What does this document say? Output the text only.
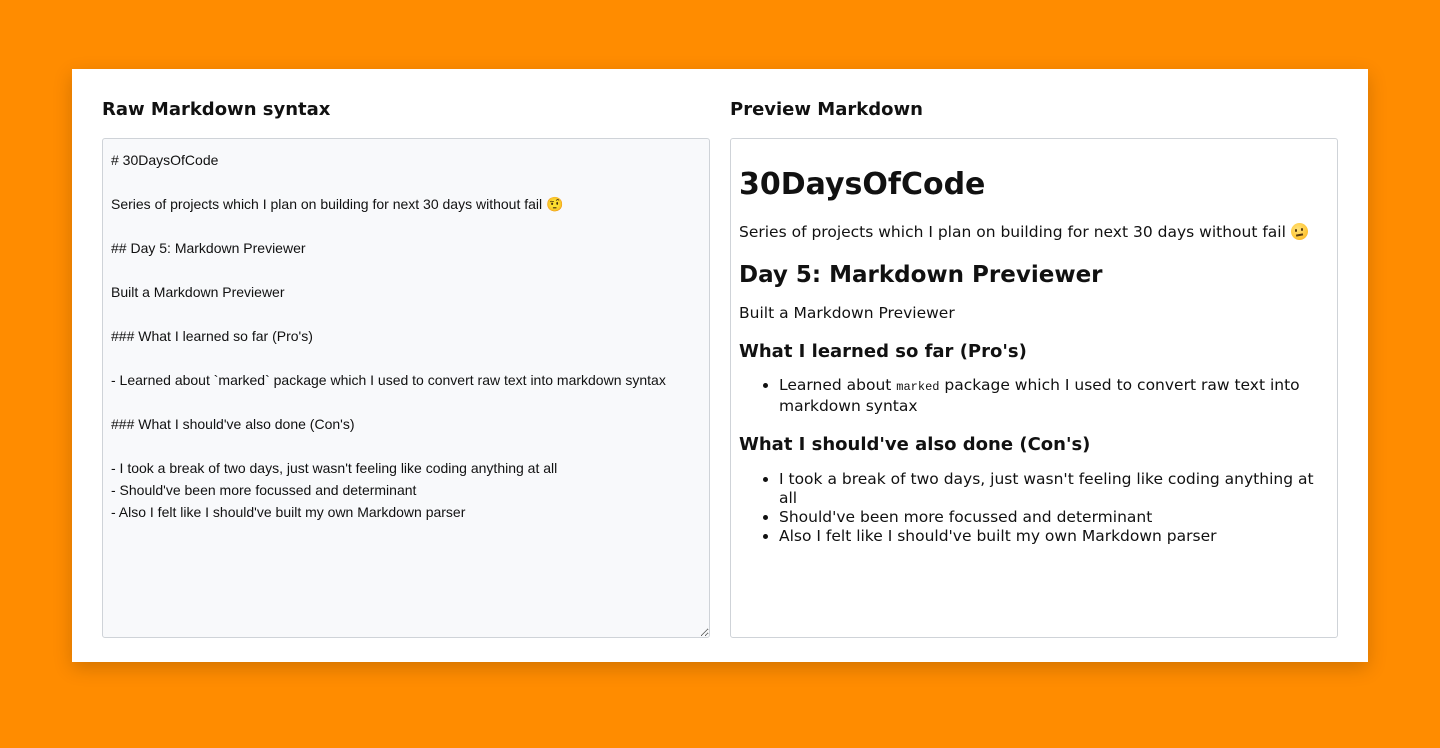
Raw Markdown syntax
# 30DaysOfCode Series of projects which I plan on building for next 30 days without fail 🤨 ## Day 5: Markdown Previewer Built a Markdown Previewer ### What I learned so far (Pro's) - Learned about `marked` package which I used to convert raw text into markdown syntax ### What I should've also done (Con's) - I took a break of two days, just wasn't feeling like coding anything at all - Should've been more focussed and determinant - Also I felt like I should've built my own Markdown parser	Preview Markdown
30DaysOfCode

Series of projects which I plan on building for next 30 days without fail

Day 5: Markdown Previewer

Built a Markdown Previewer

What I learned so far (Pro's)
• Learned about marked package which I used to convert raw text into markdown syntax
What I should've also done (Con's)
• I took a break of two days, just wasn't feeling like coding anything at all
• Should've been more focussed and determinant
• Also I felt like I should've built my own Markdown parser
